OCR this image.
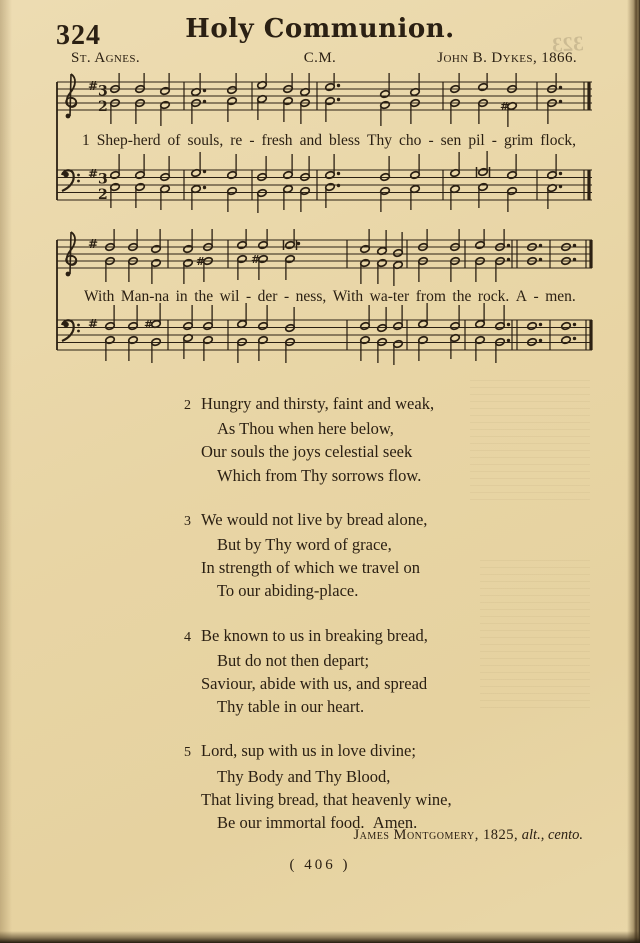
324	Holy Communion.
323
St. Agnes.	C.M.	John B. Dykes, 1866.
# 3
2
# 3
2
#
1 Shep-herd of souls, re - fresh and bless Thy cho - sen pil - grim flock,
#
#
#	#
#
With Man-na in the wil - der - ness, With wa-ter from the rock. A - men.
2 Hungry and thirsty, faint and weak,
As Thou when here below,
Our souls the joys celestial seek
Which from Thy sorrows flow.
3 We would not live by bread alone,
But by Thy word of grace,
In strength of which we travel on
To our abiding-place.
4 Be known to us in breaking bread,
But do not then depart;
Saviour, abide with us, and spread
Thy table in our heart.
5 Lord, sup with us in love divine;
Thy Body and Thy Blood,
That living bread, that heavenly wine,
Be our immortal food. Amen.
James Montgomery, 1825, alt., cento.
( 406 )
